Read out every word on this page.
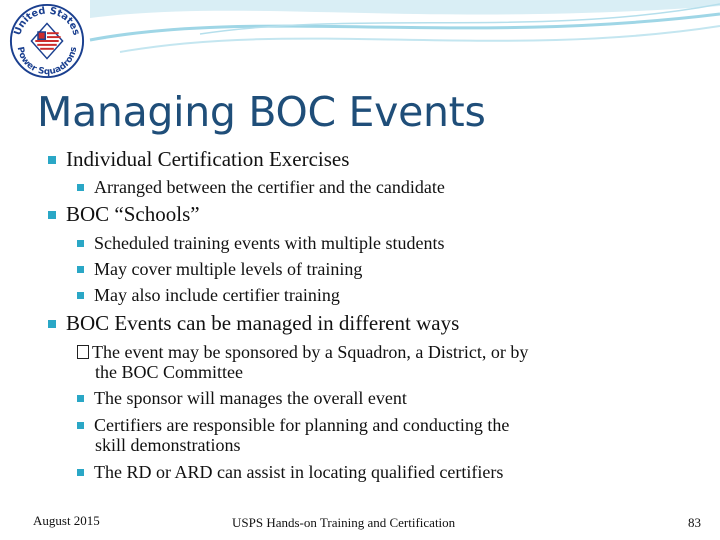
United States
Power Squadrons
Managing BOC Events
Individual Certification Exercises
Arranged between the certifier and the candidate
BOC “Schools”
Scheduled training events with multiple students
May cover multiple levels of training
May also include certifier training
BOC Events can be managed in different ways
The event may be sponsored by a Squadron, a District, or by
the BOC Committee
The sponsor will manages the overall event
Certifiers are responsible for planning and conducting the
skill demonstrations
The RD or ARD can assist in locating qualified certifiers
August 2015	USPS Hands-on Training and Certification	83
